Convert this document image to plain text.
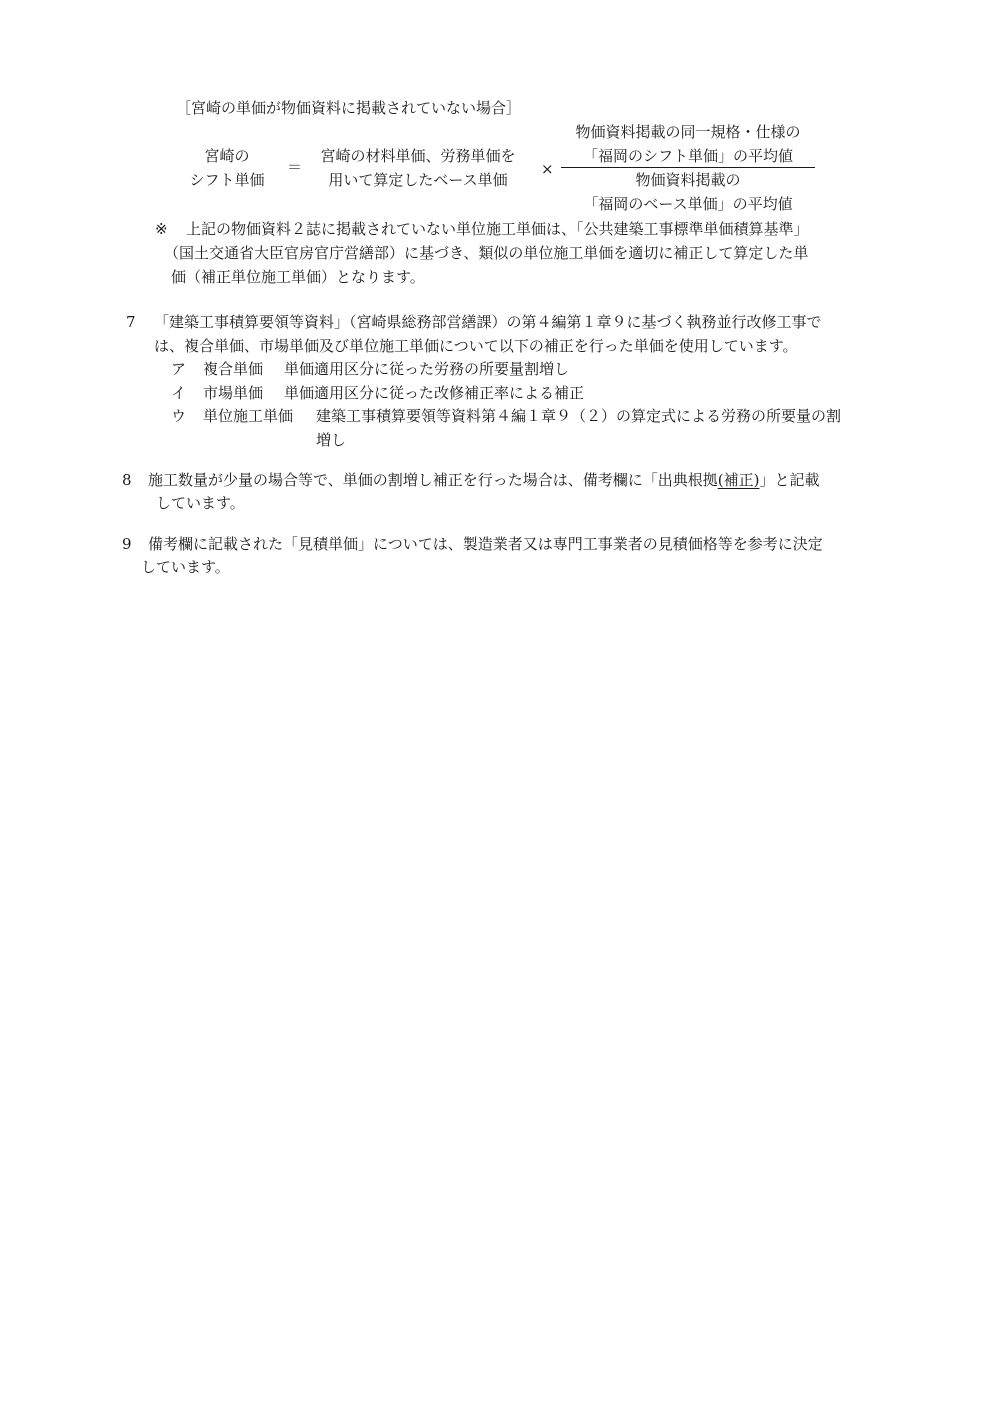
［宮崎の単価が物価資料に掲載されていない場合］
宮崎の
シフト単価
＝
宮崎の材料単価、労務単価を
用いて算定したベース単価
×
物価資料掲載の同一規格・仕様の
「福岡のシフト単価」の平均値
物価資料掲載の
「福岡のベース単価」の平均値
※ 上記の物価資料２誌に掲載されていない単位施工単価は、「公共建築工事標準単価積算基準」
（国土交通省大臣官房官庁営繕部）に基づき、類似の単位施工単価を適切に補正して算定した単
価（補正単位施工単価）となります。
7 「建築工事積算要領等資料」（宮崎県総務部営繕課）の第４編第１章９に基づく執務並行改修工事で
は、複合単価、市場単価及び単位施工単価について以下の補正を行った単価を使用しています。
ア 複合単価 単価適用区分に従った労務の所要量割増し
イ 市場単価 単価適用区分に従った改修補正率による補正
ウ 単位施工単価 建築工事積算要領等資料第４編１章９（２）の算定式による労務の所要量の割
増し
8 施工数量が少量の場合等で、単価の割増し補正を行った場合は、備考欄に「出典根拠(補正)」と記載
しています。
9 備考欄に記載された「見積単価」については、製造業者又は専門工事業者の見積価格等を参考に決定
しています。
